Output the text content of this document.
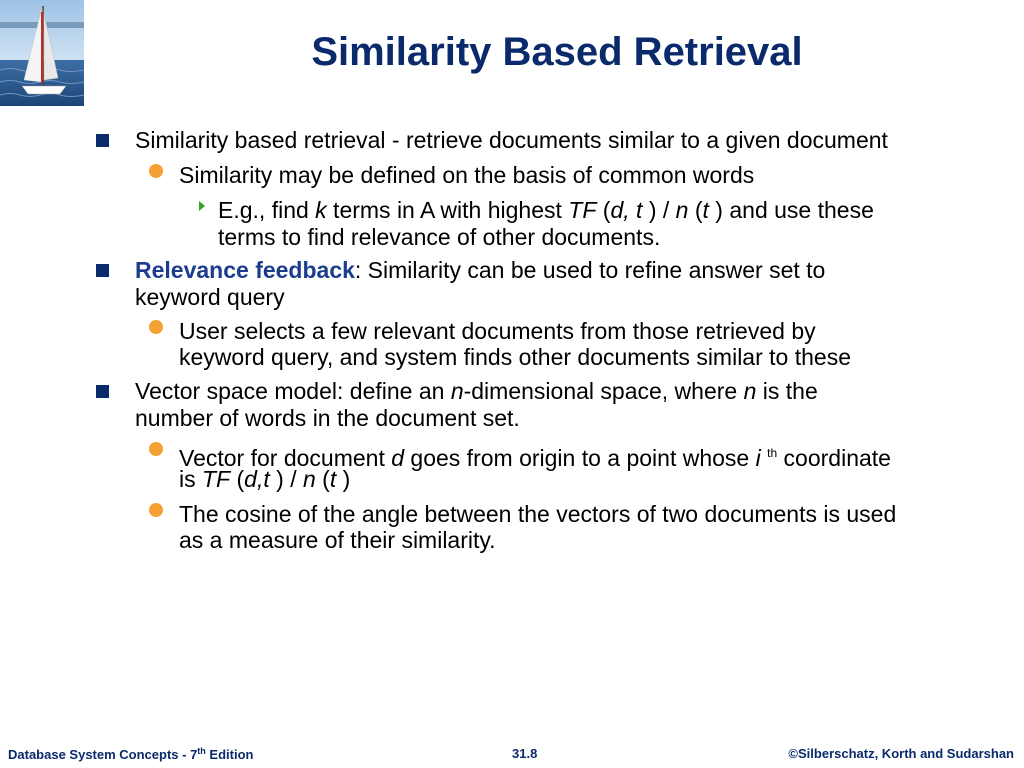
Similarity Based Retrieval
Similarity based retrieval - retrieve documents similar to a given document
Similarity may be defined on the basis of common words
E.g., find k terms in A with highest TF (d, t ) / n (t ) and use these
terms to find relevance of other documents.
Relevance feedback: Similarity can be used to refine answer set to
keyword query
User selects a few relevant documents from those retrieved by
keyword query, and system finds other documents similar to these
Vector space model: define an n-dimensional space, where n is the
number of words in the document set.
Vector for document d goes from origin to a point whose i $^{th}$ coordinate
is TF (d,t ) / n (t )
The cosine of the angle between the vectors of two documents is used
as a measure of their similarity.
Database System Concepts - 7th Edition	31.8	©Silberschatz, Korth and Sudarshan
